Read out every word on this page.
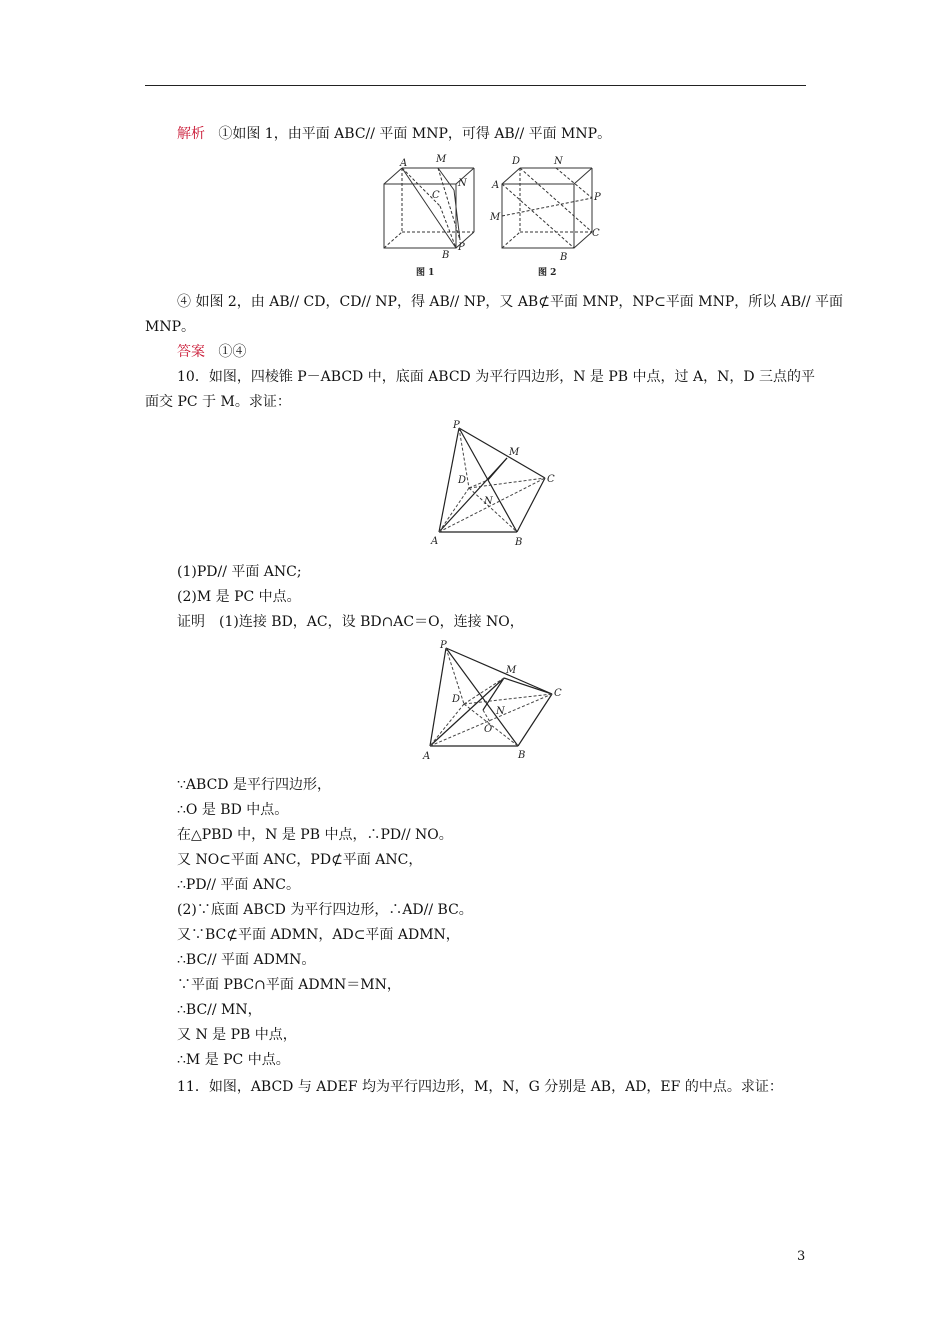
解析 ①如图 1，由平面 ABC// 平面 MNP，可得 AB// 平面 MNP。
A	M
C
N
B
P
图 1
D	N
A
P
M
C
B
图 2
④ 如图 2，由 AB// CD，CD// NP，得 AB// NP，又 AB⊄平面 MNP，NP⊂平面 MNP，所以 AB// 平面
MNP。
答案 ①④
10．如图，四棱锥 P－ABCD 中，底面 ABCD 为平行四边形，N 是 PB 中点，过 A，N，D 三点的平
面交 PC 于 M。求证：
P
M
D	C
N
A	B
(1)PD// 平面 ANC;
(2)M 是 PC 中点。
证明　(1)连接 BD，AC，设 BD∩AC＝O，连接 NO，
P
M
D
C
N
O
A	B
∵ABCD 是平行四边形，
∴O 是 BD 中点。
在△PBD 中，N 是 PB 中点，∴PD// NO。
又 NO⊂平面 ANC，PD⊄平面 ANC，
∴PD// 平面 ANC。
(2)∵底面 ABCD 为平行四边形，∴AD// BC。
又∵BC⊄平面 ADMN，AD⊂平面 ADMN，
∴BC// 平面 ADMN。
∵平面 PBC∩平面 ADMN＝MN，
∴BC// MN，
又 N 是 PB 中点，
∴M 是 PC 中点。
11．如图，ABCD 与 ADEF 均为平行四边形，M，N，G 分别是 AB，AD，EF 的中点。求证：
3
